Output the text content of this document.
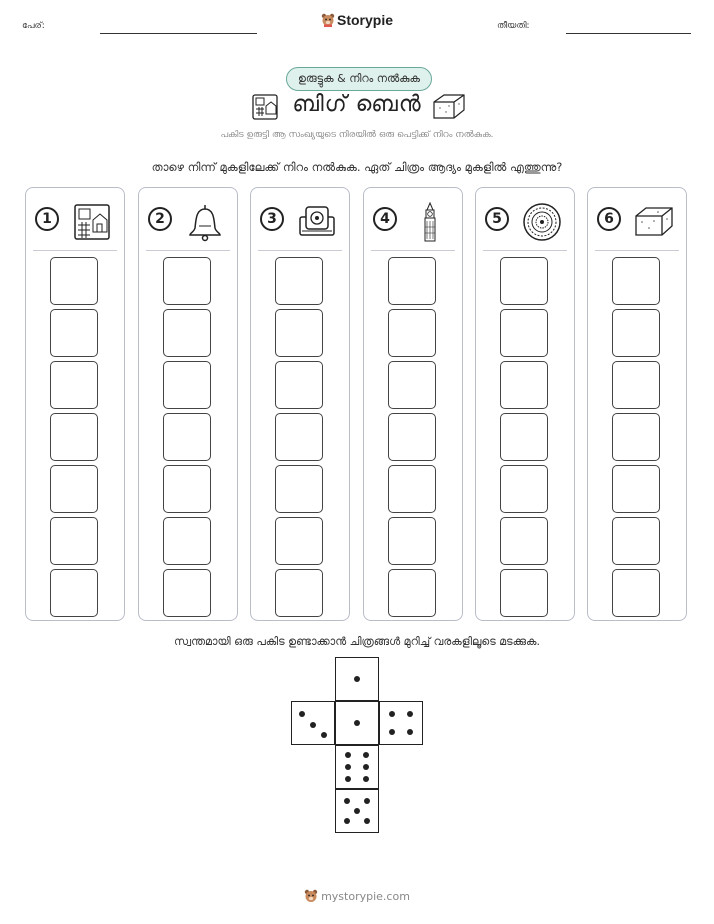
പേര്:	Storypie	തീയതി:
ഉരുട്ടുക & നിറം നൽകുക
ബിഗ് ബെൻ
പകിട ഉരുട്ടി ആ സംഖ്യയുടെ നിരയിൽ ഒരു പെട്ടിക്ക് നിറം നൽകുക.
താഴെ നിന്ന് മുകളിലേക്ക് നിറം നൽകുക. ഏത് ചിത്രം ആദ്യം മുകളിൽ എത്തുന്നു?
1	2	3	4	5	6
സ്വന്തമായി ഒരു പകിട ഉണ്ടാക്കാൻ ചിത്രങ്ങൾ മുറിച്ച് വരകളിലൂടെ മടക്കുക.
mystorypie.com
